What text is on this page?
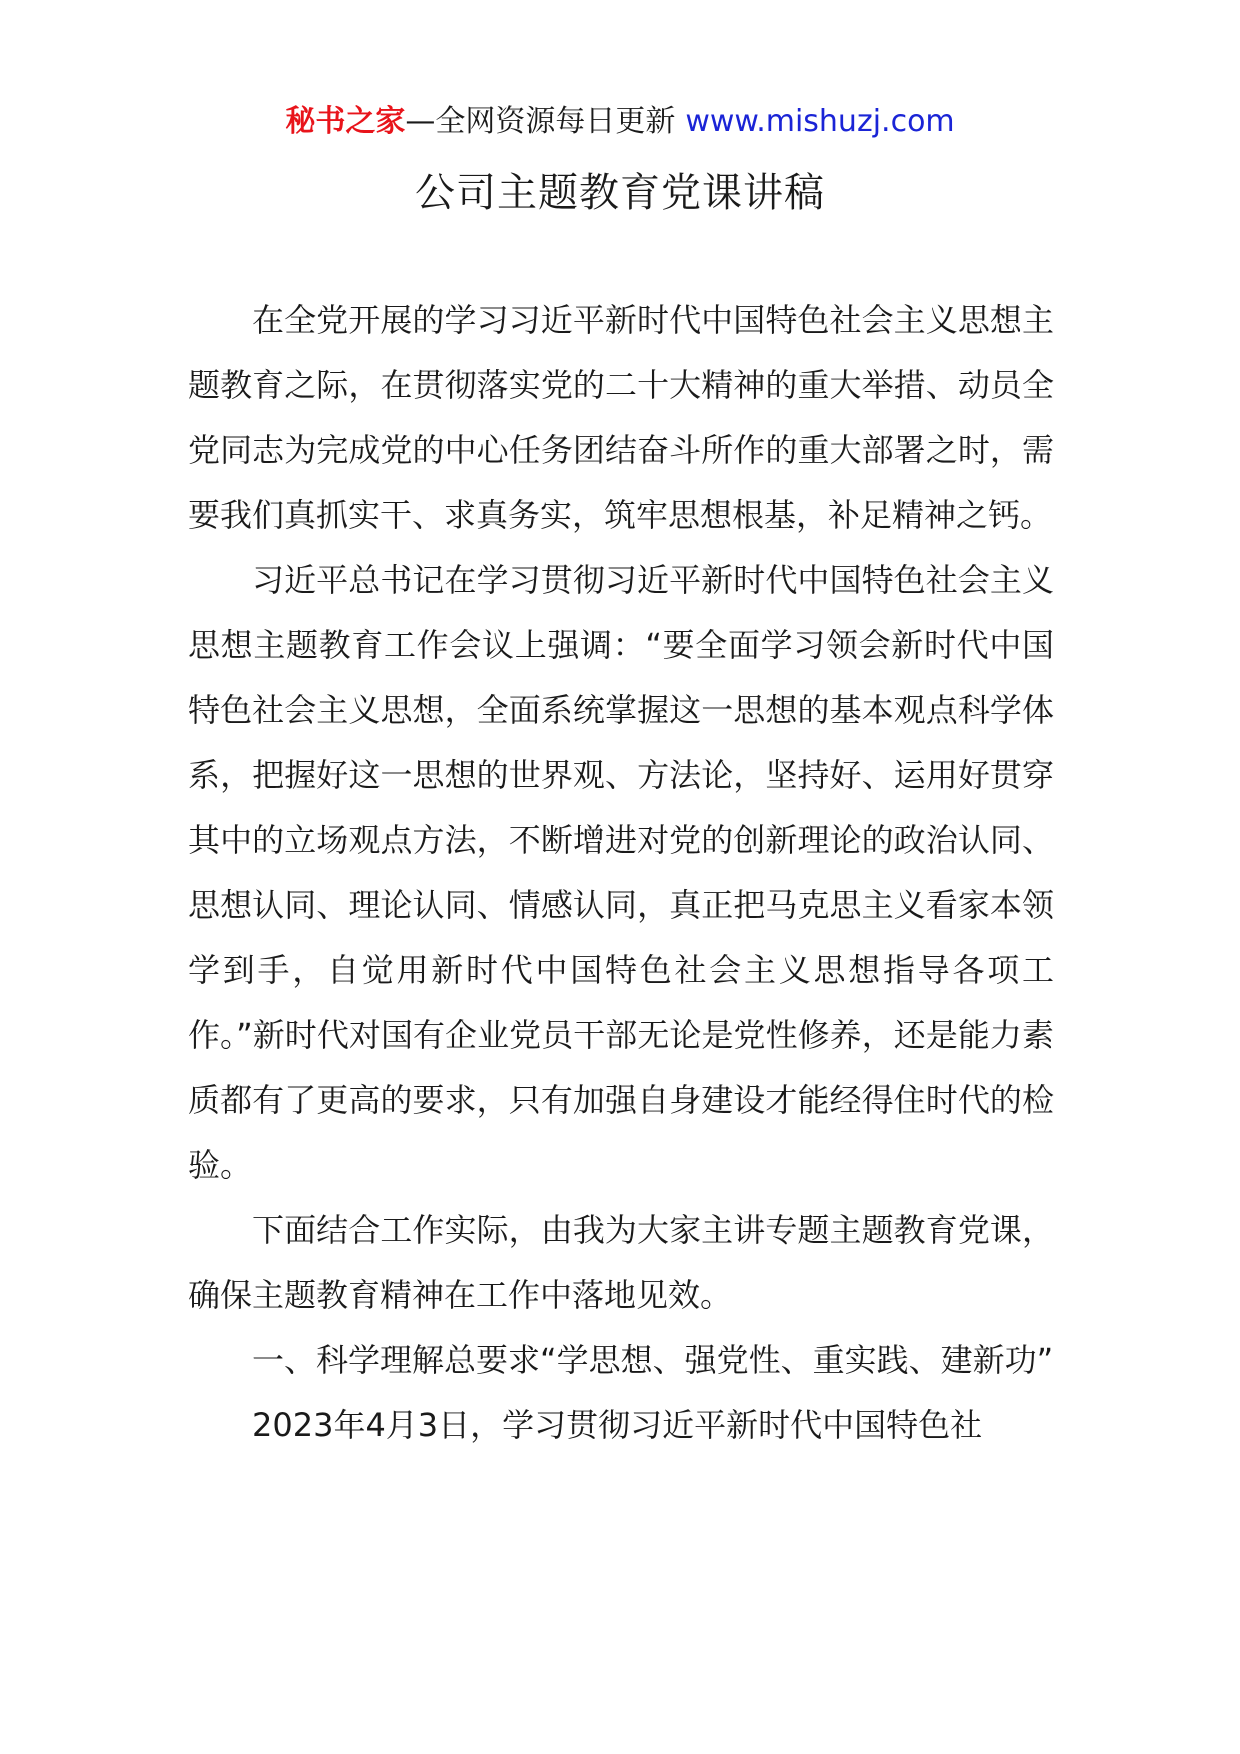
秘书之家—全网资源每日更新 www.mishuzj.com
公司主题教育党课讲稿

在全党开展的学习习近平新时代中国特色社会主义思想主题教育之际，在贯彻落实党的二十大精神的重大举措、动员全党同志为完成党的中心任务团结奋斗所作的重大部署之时，需要我们真抓实干、求真务实，筑牢思想根基，补足精神之钙。

习近平总书记在学习贯彻习近平新时代中国特色社会主义思想主题教育工作会议上强调：“要全面学习领会新时代中国特色社会主义思想，全面系统掌握这一思想的基本观点科学体系，把握好这一思想的世界观、方法论，坚持好、运用好贯穿其中的立场观点方法，不断增进对党的创新理论的政治认同、思想认同、理论认同、情感认同，真正把马克思主义看家本领学到手，自觉用新时代中国特色社会主义思想指导各项工作。”新时代对国有企业党员干部无论是党性修养，还是能力素质都有了更高的要求，只有加强自身建设才能经得住时代的检验。

下面结合工作实际，由我为大家主讲专题主题教育党课，确保主题教育精神在工作中落地见效。

一、科学理解总要求“学思想、强党性、重实践、建新功”

2023年4月3日，学习贯彻习近平新时代中国特色社
